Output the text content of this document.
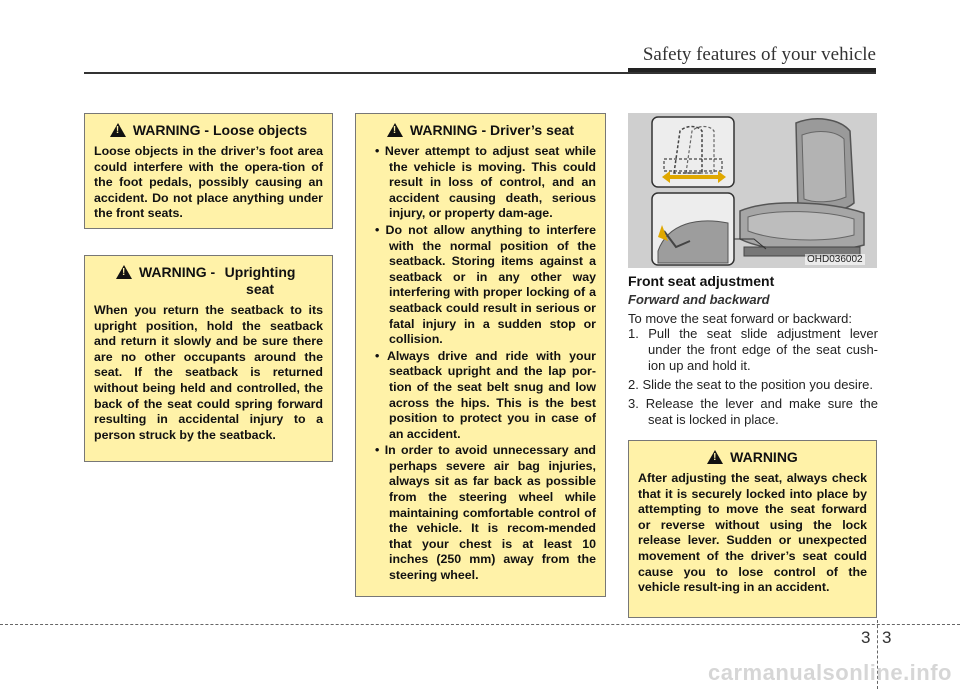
Safety features of your vehicle
!
WARNING - Loose objects
Loose objects in the driver’s foot area could interfere with the opera-tion of the foot pedals, possibly causing an accident. Do not place anything under the front seats.
!
WARNING - Uprighting seat
When you return the seatback to its upright position, hold the seatback and return it slowly and be sure there are no other occupants around the seat. If the seatback is returned without being held and controlled, the back of the seat could spring forward resulting in accidental injury to a person struck by the seatback.
!
WARNING - Driver’s seat
• Never attempt to adjust seat while the vehicle is moving. This could result in loss of control, and an accident causing death, serious injury, or property dam-age.
• Do not allow anything to interfere with the normal position of the seatback. Storing items against a seatback or in any other way interfering with proper locking of a seatback could result in serious or fatal injury in a sudden stop or collision.
• Always drive and ride with your seatback upright and the lap por-tion of the seat belt snug and low across the hips. This is the best position to protect you in case of an accident.
• In order to avoid unnecessary and perhaps severe air bag injuries, always sit as far back as possible from the steering wheel while maintaining comfortable control of the vehicle. It is recom-mended that your chest is at least 10 inches (250 mm) away from the steering wheel.
OHD036002
Front seat adjustment
Forward and backward
To move the seat forward or backward:
1. Pull the seat slide adjustment lever under the front edge of the seat cush-ion up and hold it.
2. Slide the seat to the position you desire.
3. Release the lever and make sure the seat is locked in place.
!
WARNING
After adjusting the seat, always check that it is securely locked into place by attempting to move the seat forward or reverse without using the lock release lever. Sudden or unexpected movement of the driver’s seat could cause you to lose control of the vehicle result-ing in an accident.
3 3
carmanualsonline.info
